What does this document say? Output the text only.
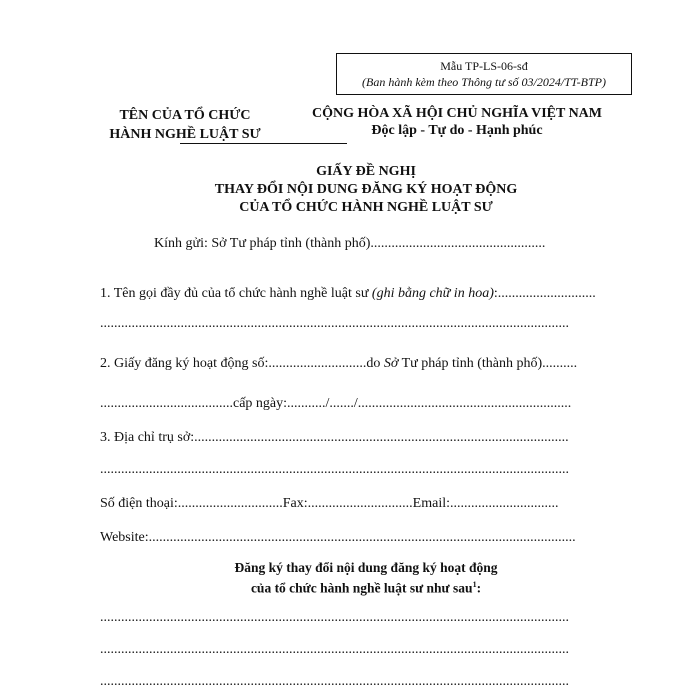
Mẫu TP-LS-06-sđ
(Ban hành kèm theo Thông tư số 03/2024/TT-BTP)
TÊN CỦA TỔ CHỨC
HÀNH NGHỀ LUẬT SƯ
CỘNG HÒA XÃ HỘI CHỦ NGHĨA VIỆT NAM
Độc lập - Tự do - Hạnh phúc
GIẤY ĐỀ NGHỊ
THAY ĐỔI NỘI DUNG ĐĂNG KÝ HOẠT ĐỘNG
CỦA TỔ CHỨC HÀNH NGHỀ LUẬT SƯ
Kính gửi: Sở Tư pháp tỉnh (thành phố)..................................................
1. Tên gọi đầy đủ của tổ chức hành nghề luật sư (ghi bằng chữ in hoa):............................
......................................................................................................................................
2. Giấy đăng ký hoạt động số:............................do Sở Tư pháp tỉnh (thành phố)..........
......................................cấp ngày:.........../......./.............................................................
3. Địa chỉ trụ sở:...........................................................................................................
......................................................................................................................................
Số điện thoại:..............................Fax:..............................Email:...............................
Website:..........................................................................................................................
Đăng ký thay đổi nội dung đăng ký hoạt động
của tổ chức hành nghề luật sư như sau$^1$:
......................................................................................................................................
......................................................................................................................................
......................................................................................................................................
